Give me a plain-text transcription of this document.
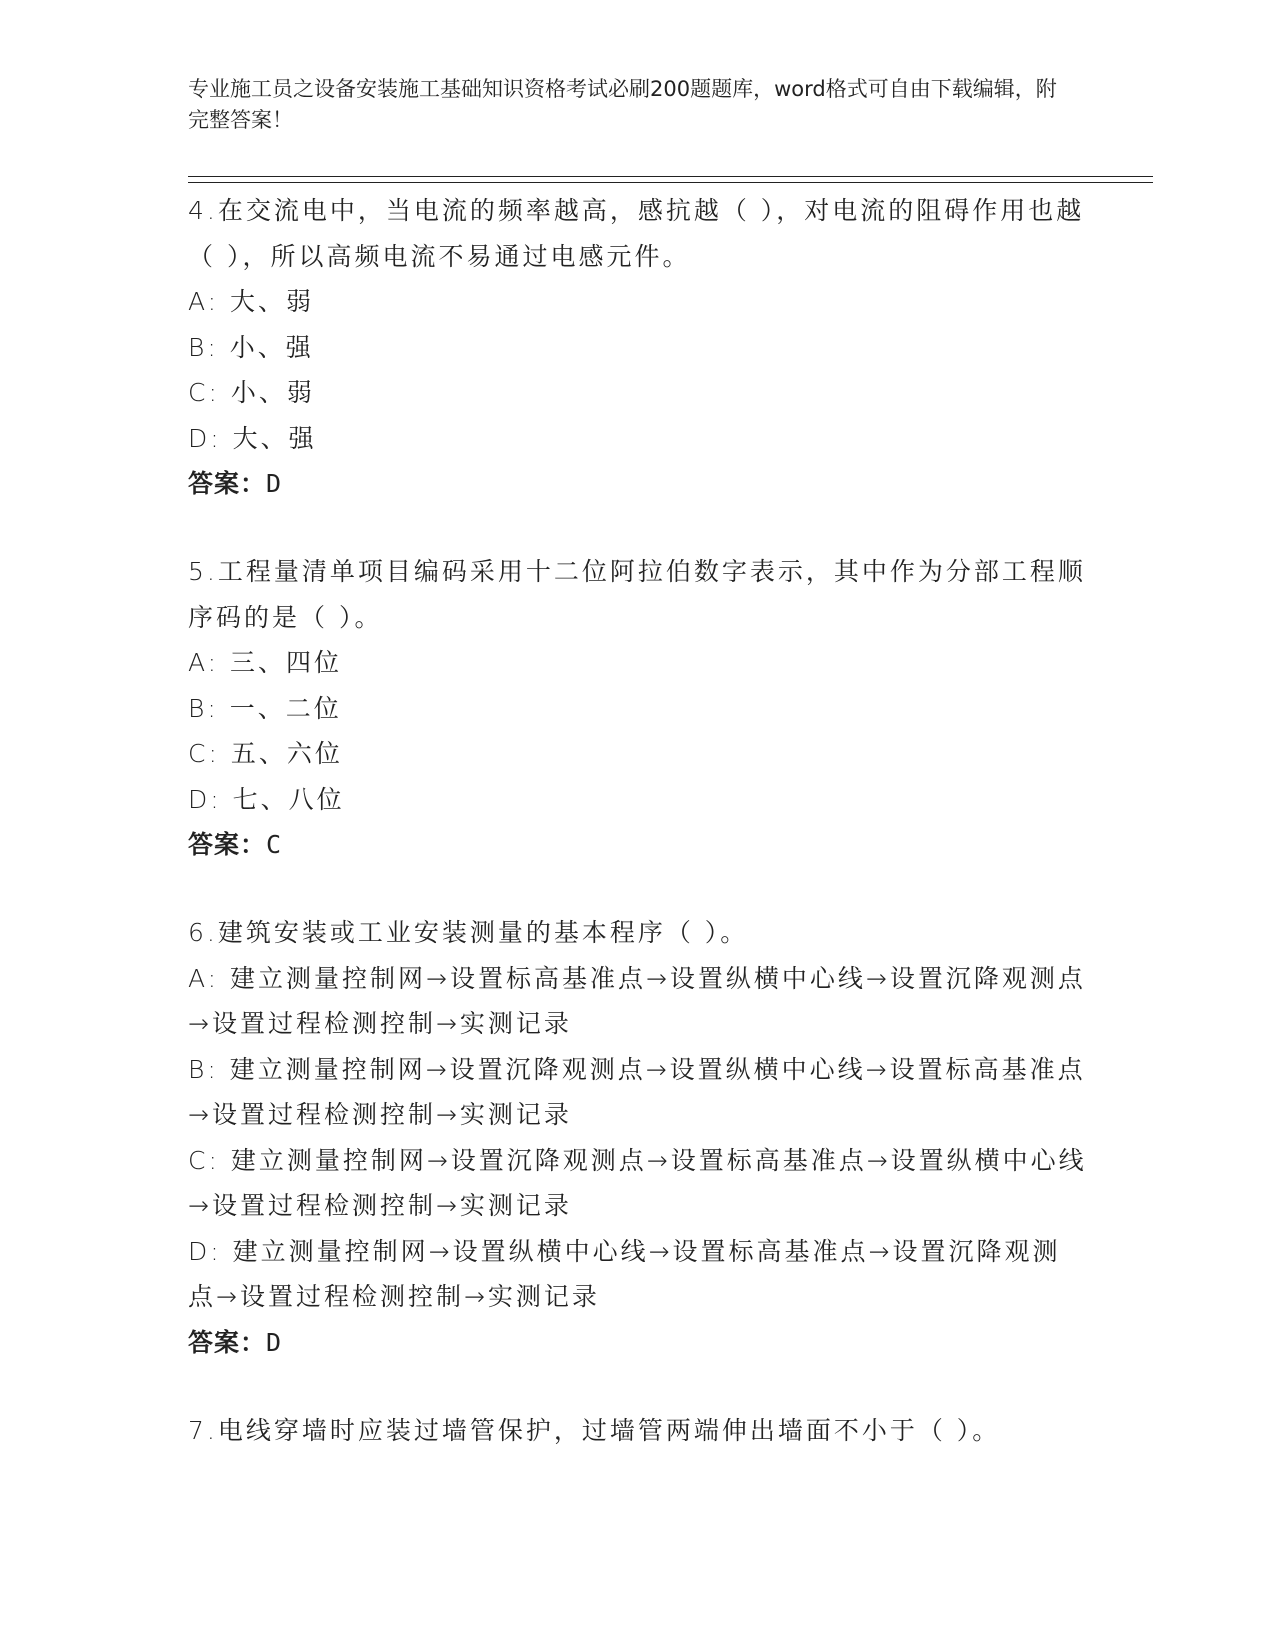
专业施工员之设备安装施工基础知识资格考试必刷200题题库，word格式可自由下载编辑，附完整答案！
4.在交流电中，当电流的频率越高，感抗越（ ），对电流的阻碍作用也越（ ），所以高频电流不易通过电感元件。
A: 大、弱
B: 小、强
C: 小、弱
D: 大、强
答案：D
5.工程量清单项目编码采用十二位阿拉伯数字表示，其中作为分部工程顺序码的是（ ）。
A: 三、四位
B: 一、二位
C: 五、六位
D: 七、八位
答案：C
6.建筑安装或工业安装测量的基本程序（ ）。
A: 建立测量控制网→设置标高基准点→设置纵横中心线→设置沉降观测点→设置过程检测控制→实测记录
B: 建立测量控制网→设置沉降观测点→设置纵横中心线→设置标高基准点→设置过程检测控制→实测记录
C: 建立测量控制网→设置沉降观测点→设置标高基准点→设置纵横中心线→设置过程检测控制→实测记录
D: 建立测量控制网→设置纵横中心线→设置标高基准点→设置沉降观测点→设置过程检测控制→实测记录
答案：D
7.电线穿墙时应装过墙管保护，过墙管两端伸出墙面不小于（ ）。
